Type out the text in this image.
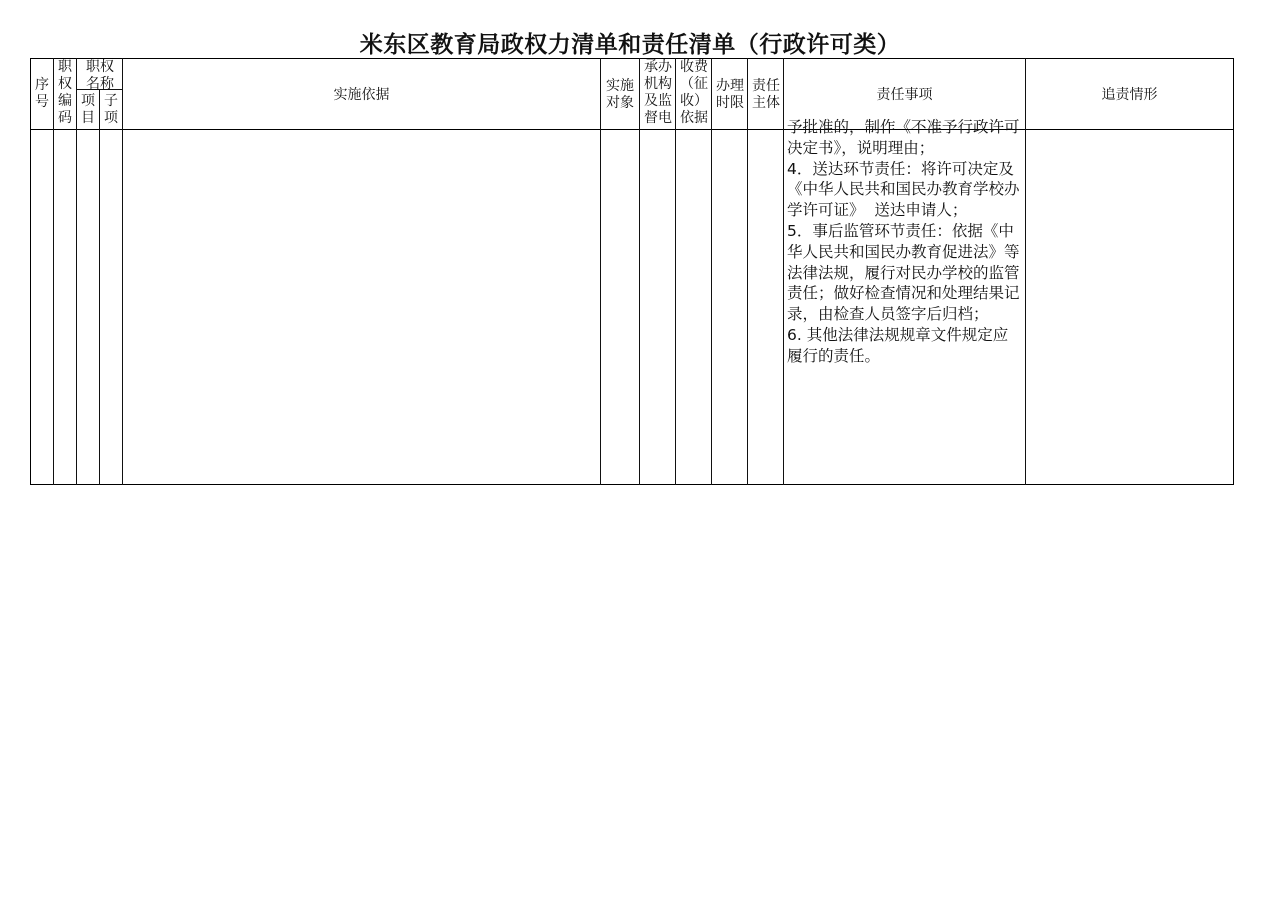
米东区教育局政权力清单和责任清单（行政许可类）
序号
职权编码
职权名称
项目
子项
实施依据
实施对象
承办机构及监督电
收费（征收）依据
办理时限
责任主体	责任事项	追责情形
予批准的，制作《不准予行政许可决定书》，说明理由；
4．送达环节责任：将许可决定及《中华人民共和国民办教育学校办学许可证》  送达申请人；
5．事后监管环节责任：依据《中华人民共和国民办教育促进法》等法律法规，履行对民办学校的监管责任；做好检查情况和处理结果记录，由检查人员签字后归档；
6. 其他法律法规规章文件规定应履行的责任。
